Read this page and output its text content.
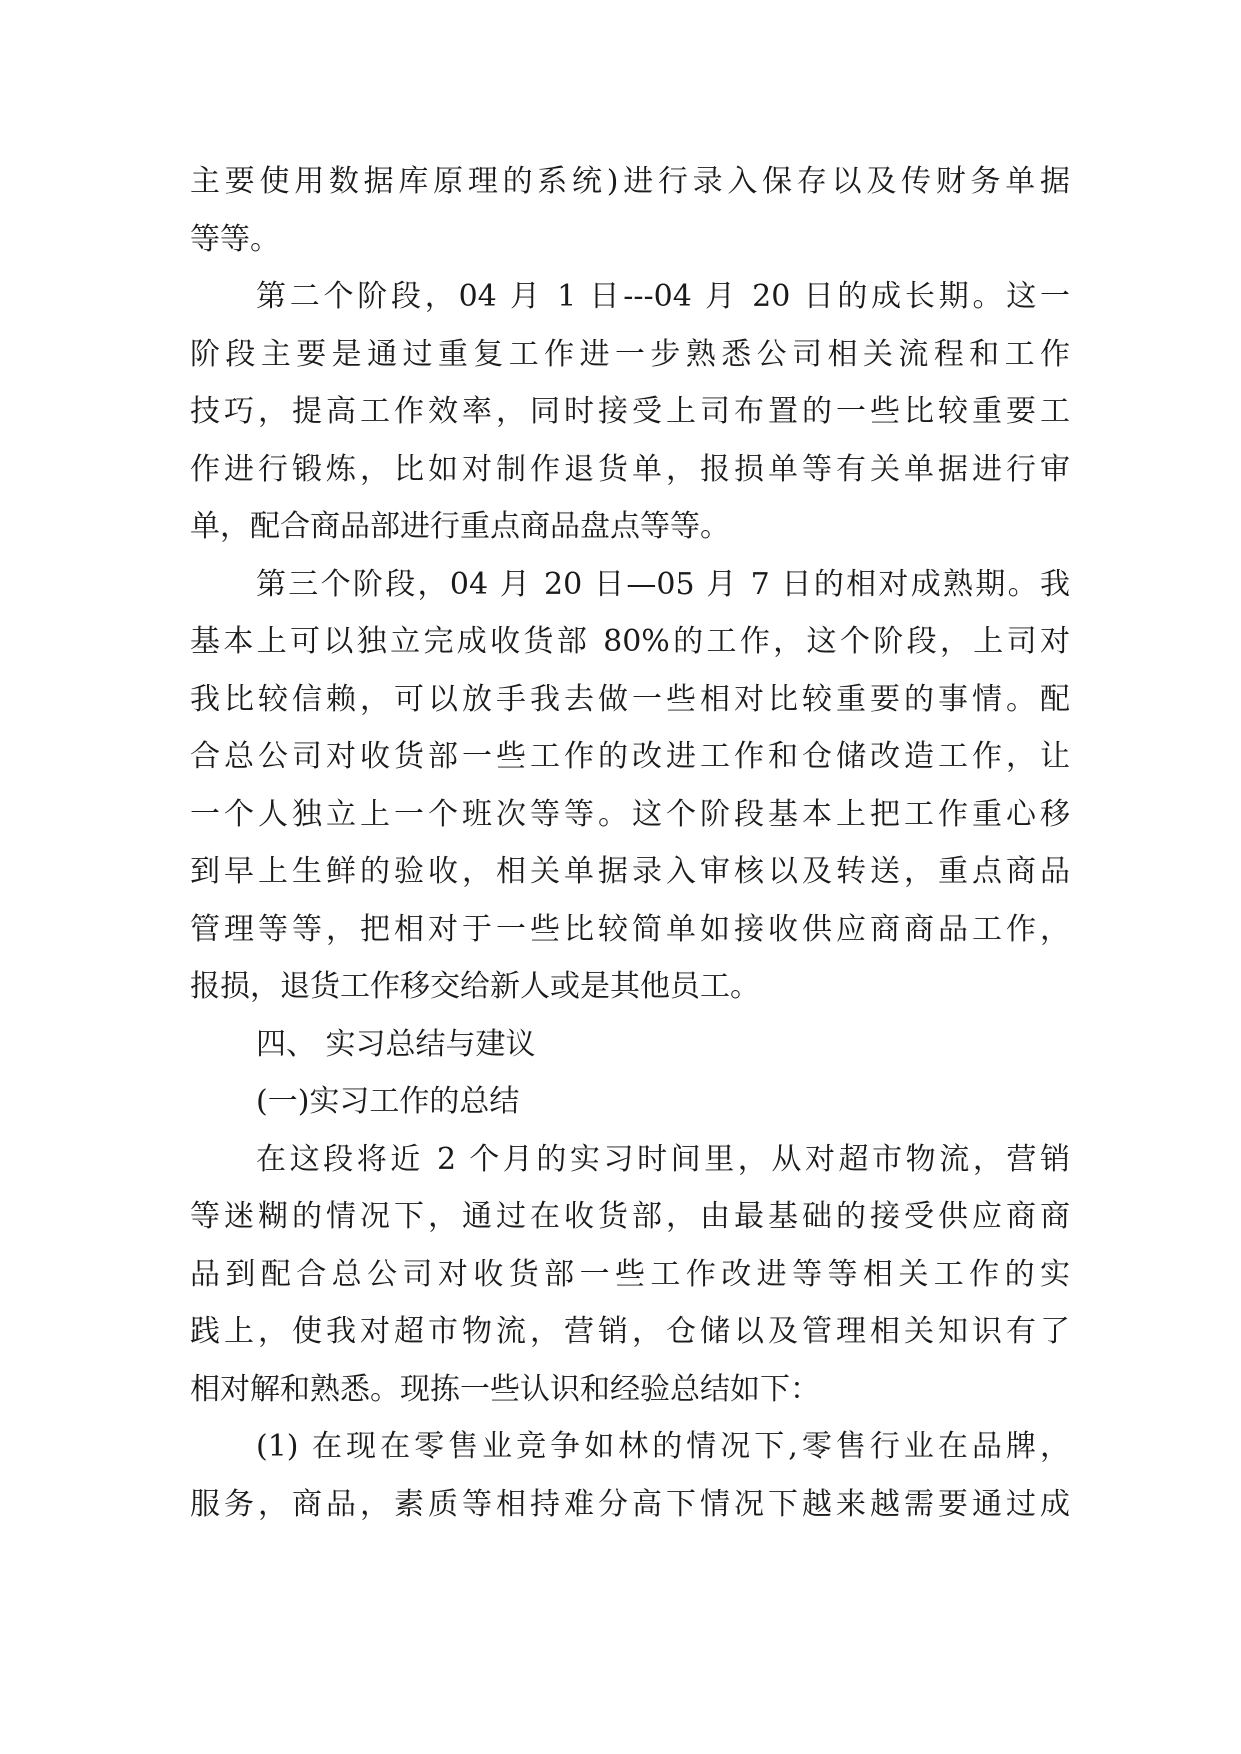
主要使用数据库原理的系统)进行录入保存以及传财务单据
等等。
第二个阶段，04 月 1 日---04 月 20 日的成长期。这一
阶段主要是通过重复工作进一步熟悉公司相关流程和工作
技巧，提高工作效率，同时接受上司布置的一些比较重要工
作进行锻炼，比如对制作退货单，报损单等有关单据进行审
单，配合商品部进行重点商品盘点等等。
第三个阶段，04 月 20 日—05 月 7 日的相对成熟期。我
基本上可以独立完成收货部 80%的工作，这个阶段，上司对
我比较信赖，可以放手我去做一些相对比较重要的事情。配
合总公司对收货部一些工作的改进工作和仓储改造工作，让
一个人独立上一个班次等等。这个阶段基本上把工作重心移
到早上生鲜的验收，相关单据录入审核以及转送，重点商品
管理等等，把相对于一些比较简单如接收供应商商品工作，
报损，退货工作移交给新人或是其他员工。
四、 实习总结与建议
(一)实习工作的总结
在这段将近 2 个月的实习时间里，从对超市物流，营销
等迷糊的情况下，通过在收货部，由最基础的接受供应商商
品到配合总公司对收货部一些工作改进等等相关工作的实
践上，使我对超市物流，营销，仓储以及管理相关知识有了
相对解和熟悉。现拣一些认识和经验总结如下：
(1) 在现在零售业竞争如林的情况下,零售行业在品牌，
服务，商品，素质等相持难分高下情况下越来越需要通过成
